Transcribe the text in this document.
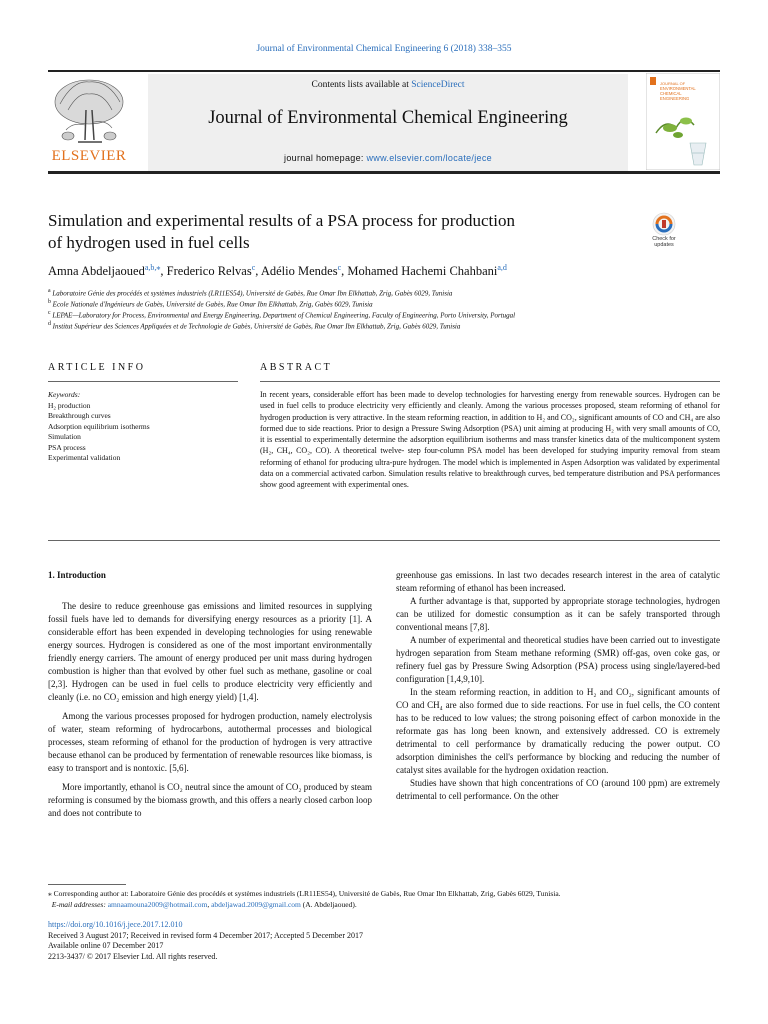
Journal of Environmental Chemical Engineering 6 (2018) 338–355
Contents lists available at ScienceDirect
Journal of Environmental Chemical Engineering
journal homepage: www.elsevier.com/locate/jece
ELSEVIER
JOURNAL OF
ENVIRONMENTAL
CHEMICAL
ENGINEERING
Simulation and experimental results of a PSA process for production
of hydrogen used in fuel cells	Check for
updates
Amna Abdeljaoued$^{a,b,⁎}$, Frederico Relvas$^c$, Adélio Mendes$^c$, Mohamed Hachemi Chahbani$^{a,d}$
$^a$ Laboratoire Génie des procédés et systèmes industriels (LR11ES54), Université de Gabès, Rue Omar Ibn Elkhattab, Zrig, Gabès 6029, Tunisia
$^b$ Ecole Nationale d'Ingénieurs de Gabès, Université de Gabès, Rue Omar Ibn Elkhattab, Zrig, Gabès 6029, Tunisia
$^c$ LEPAE—Laboratory for Process, Environmental and Energy Engineering, Department of Chemical Engineering, Faculty of Engineering, Porto University, Portugal
$^d$ Institut Supérieur des Sciences Appliquées et de Technologie de Gabès, Université de Gabès, Rue Omar Ibn Elkhattab, Zrig, Gabès 6029, Tunisia
ARTICLE INFO
Keywords:
H₂ production
Breakthrough curves
Adsorption equilibrium isotherms
Simulation
PSA process
Experimental validation
ABSTRACT
In recent years, considerable effort has been made to develop technologies for harvesting energy from renewable sources. Hydrogen can be used in fuel cells to produce electricity very efficiently and cleanly. Among the various processes proposed, steam reforming of ethanol for hydrogen production is very attractive. In the steam reforming reaction, in addition to H₂ and CO₂, significant amounts of CO and CH₄ are also formed due to side reactions. Prior to design a Pressure Swing Adsorption (PSA) unit aiming at producing H₂ with very small amounts of CO, it is essential to experimentally determine the adsorption equilibrium isotherms and mass transfer kinetics data of the multicomponent system (H₂, CH₄, CO₂, CO). A theoretical twelve- step four-column PSA model has been developed for studying impurity removal from steam reforming of ethanol for producing ultra-pure hydrogen. The model which is implemented in Aspen Adsorption was validated by experimental data on a commercial activated carbon. Simulation results relative to breakthrough curves, bed temperature distribution and PSA performances show good agreement with experimental ones.
1. Introduction

The desire to reduce greenhouse gas emissions and limited resources in supplying fossil fuels have led to demands for diversifying energy resources as a priority [1]. A considerable effort has been expended in developing technologies for using renewable energy sources. Hydrogen is considered as one of the most important environmentally friendly energy carriers. The amount of energy produced per unit mass during hydrogen combustion is higher than that evolved by other fuel such as methane, gasoline or coal [2,3]. Hydrogen can be used in fuel cells to produce electricity very efficiently and cleanly (i.e. no CO₂ emission and high energy yield) [1,4].

Among the various processes proposed for hydrogen production, namely electrolysis of water, steam reforming of hydrocarbons, autothermal processes and biological processes, steam reforming of ethanol for the production of hydrogen is very attractive because ethanol can be produced by fermentation of renewable resources like biomass, is easy to transport and is nontoxic. [5,6].

More importantly, ethanol is CO₂ neutral since the amount of CO₂ produced by steam reforming is consumed by the biomass growth, and this offers a nearly closed carbon loop and does not contribute to

greenhouse gas emissions. In last two decades research interest in the area of catalytic steam reforming of ethanol has been increased.

A further advantage is that, supported by appropriate storage technologies, hydrogen can be utilized for domestic consumption as it can be safely transported through conventional means [7,8].

A number of experimental and theoretical studies have been carried out to investigate hydrogen separation from Steam methane reforming (SMR) off-gas, oven coke gas, or refinery fuel gas by Pressure Swing Adsorption (PSA) process using single/layered-bed configuration [1,4,9,10].

In the steam reforming reaction, in addition to H₂ and CO₂, significant amounts of CO and CH₄ are also formed due to side reactions. For use in fuel cells, the CO content has to be reduced to low values; the strong poisoning effect of carbon monoxide in the reformate gas has long been known, and extensively addressed. CO is extremely detrimental to cell performance by dramatically reducing the power output. CO adsorption diminishes the cell's performance by blocking and reducing the number of catalyst sites available for the hydrogen oxidation reaction.

Studies have shown that high concentrations of CO (around 100 ppm) are extremely detrimental to cell performance. On the other

⁎ Corresponding author at: Laboratoire Génie des procédés et systèmes industriels (LR11ES54), Université de Gabès, Rue Omar Ibn Elkhattab, Zrig, Gabès 6029, Tunisia.
E-mail addresses: amnaamouna2009@hotmail.com, abdeljawad.2009@gmail.com (A. Abdeljaoued).
https://doi.org/10.1016/j.jece.2017.12.010
Received 3 August 2017; Received in revised form 4 December 2017; Accepted 5 December 2017
Available online 07 December 2017
2213-3437/ © 2017 Elsevier Ltd. All rights reserved.
